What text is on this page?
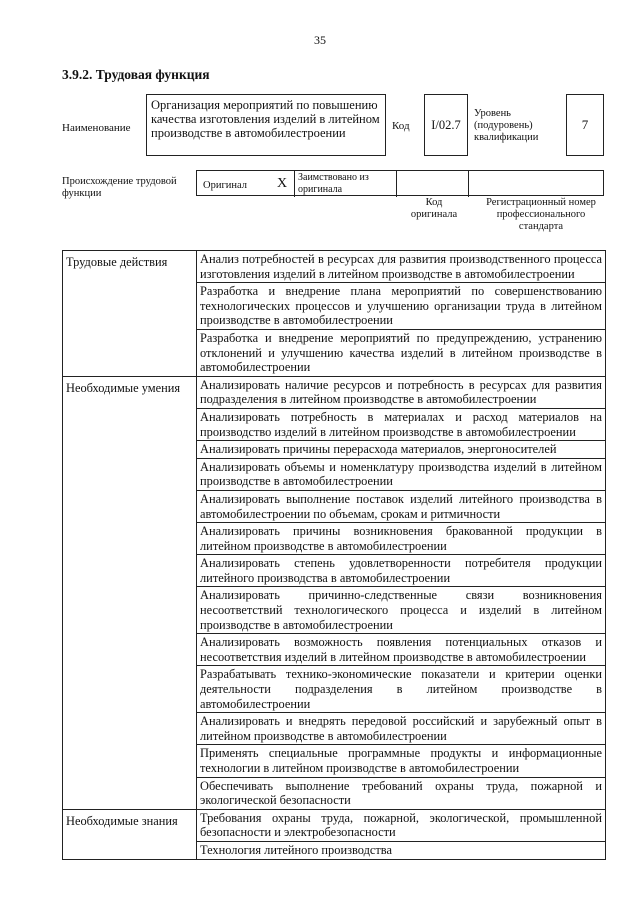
35
3.9.2. Трудовая функция
Наименование
Организация мероприятий по повышению качества изготовления изделий в литейном производстве в автомобилестроении	Код	I/02.7
Уровень (подуровень) квалификации
7
Происхождение трудовой функции
Оригинал X Заимствовано из оригинала
Код оригинала
Регистрационный номер профессионального стандарта
Трудовые действия	Анализ потребностей в ресурсах для развития производственного процесса изготовления изделий в литейном производстве в автомобилестроении
	Разработка и внедрение плана мероприятий по совершенствованию технологических процессов и улучшению организации труда в литейном производстве в автомобилестроении
	Разработка и внедрение мероприятий по предупреждению, устранению отклонений и улучшению качества изделий в литейном производстве в автомобилестроении
Необходимые умения	Анализировать наличие ресурсов и потребность в ресурсах для развития подразделения в литейном производстве в автомобилестроении
	Анализировать потребность в материалах и расход материалов на производство изделий в литейном производстве в автомобилестроении
	Анализировать причины перерасхода материалов, энергоносителей
	Анализировать объемы и номенклатуру производства изделий в литейном производстве в автомобилестроении
	Анализировать выполнение поставок изделий литейного производства в автомобилестроении по объемам, срокам и ритмичности
	Анализировать причины возникновения бракованной продукции в литейном производстве в автомобилестроении
	Анализировать степень удовлетворенности потребителя продукции литейного производства в автомобилестроении
	Анализировать причинно-следственные связи возникновения несоответствий технологического процесса и изделий в литейном производстве в автомобилестроении
	Анализировать возможность появления потенциальных отказов и несоответствия изделий в литейном производстве в автомобилестроении
	Разрабатывать технико-экономические показатели и критерии оценки деятельности подразделения в литейном производстве в автомобилестроении
	Анализировать и внедрять передовой российский и зарубежный опыт в литейном производстве в автомобилестроении
	Применять специальные программные продукты и информационные технологии в литейном производстве в автомобилестроении
	Обеспечивать выполнение требований охраны труда, пожарной и экологической безопасности
Необходимые знания	Требования охраны труда, пожарной, экологической, промышленной безопасности и электробезопасности
	Технология литейного производства
